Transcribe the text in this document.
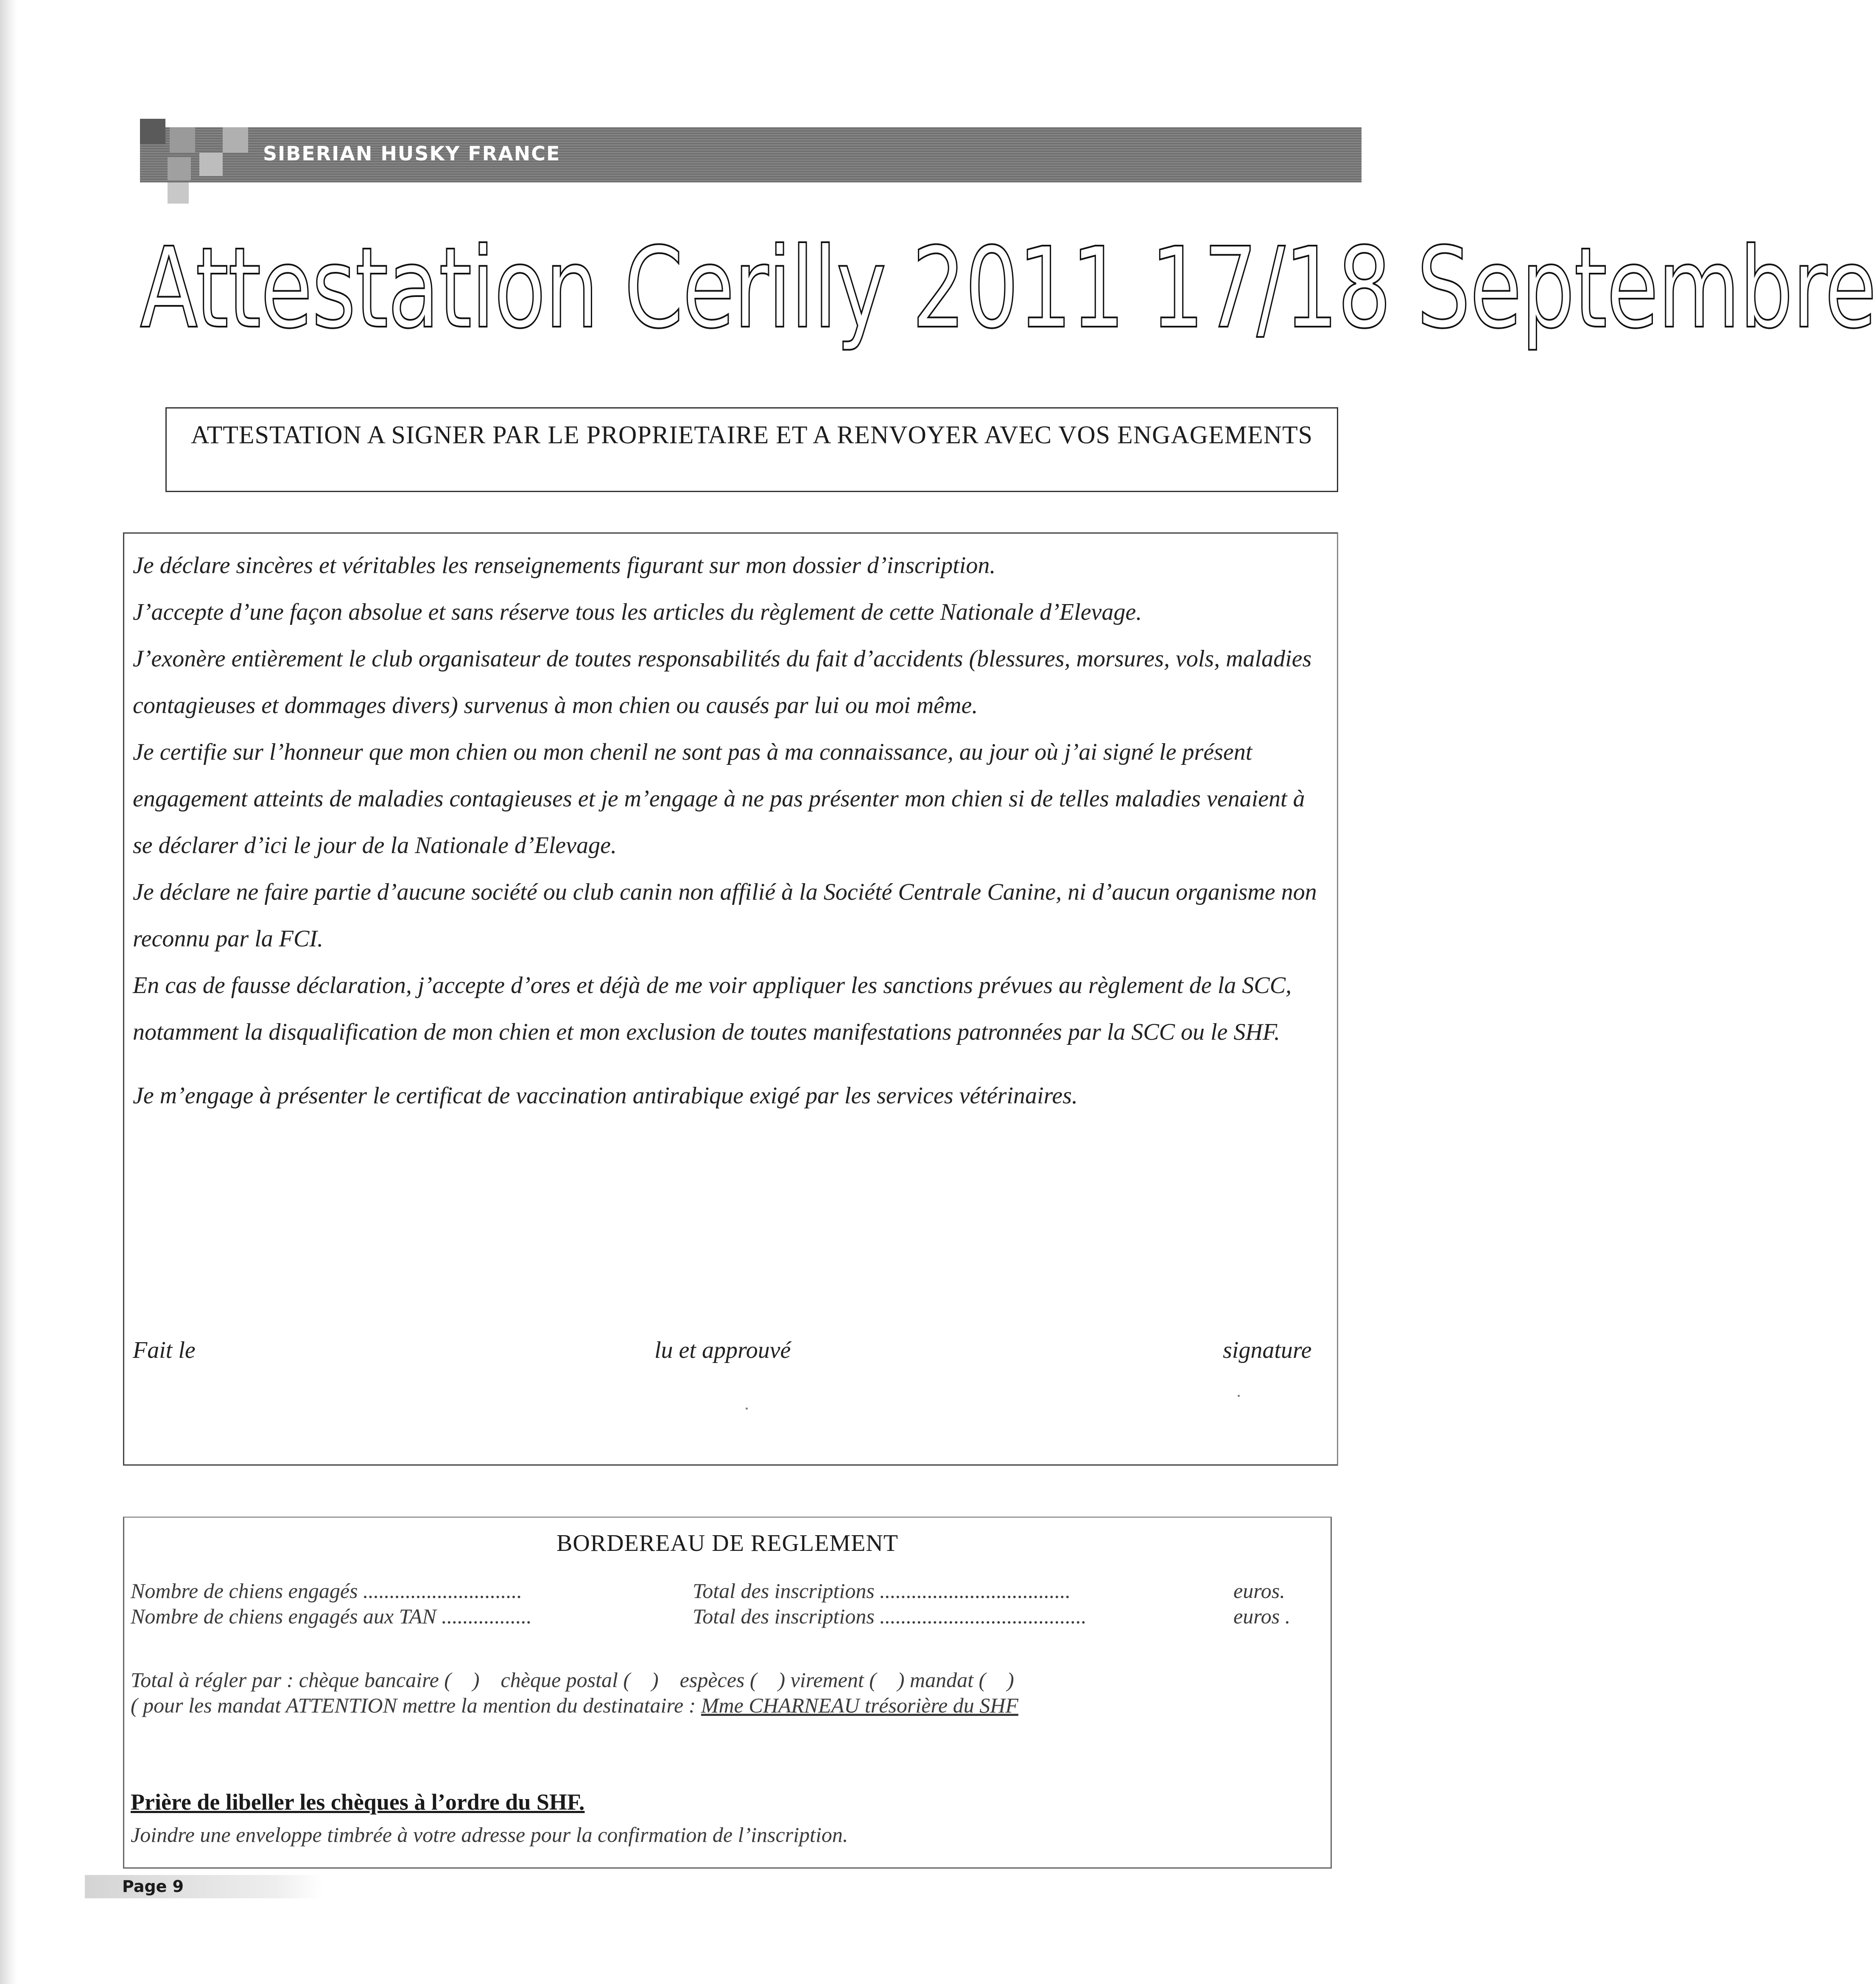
SIBERIAN HUSKY FRANCE
Attestation Cerilly 2011 17/18 Septembre
ATTESTATION A SIGNER PAR LE PROPRIETAIRE ET A RENVOYER AVEC VOS ENGAGEMENTS

Je déclare sincères et véritables les renseignements figurant sur mon dossier d’inscription.

J’accepte d’une façon absolue et sans réserve tous les articles du règlement de cette Nationale d’Elevage.

J’exonère entièrement le club organisateur de toutes responsabilités du fait d’accidents (blessures, morsures, vols, maladies contagieuses et dommages divers) survenus à mon chien ou causés par lui ou moi même.

Je certifie sur l’honneur que mon chien ou mon chenil ne sont pas à ma connaissance, au jour où j’ai signé le présent engagement atteints de maladies contagieuses et je m’engage à ne pas présenter mon chien si de telles maladies venaient à se déclarer d’ici le jour de la Nationale d’Elevage.

Je déclare ne faire partie d’aucune société ou club canin non affilié à la Société Centrale Canine, ni d’aucun organisme non reconnu par la FCI.

En cas de fausse déclaration, j’accepte d’ores et déjà de me voir appliquer les sanctions prévues au règlement de la SCC, notamment la disqualification de mon chien et mon exclusion de toutes manifestations patronnées par la SCC ou le SHF.

Je m’engage à présenter le certificat de vaccination antirabique exigé par les services vétérinaires.

Fait le	lu et approuvé	signature
BORDEREAU DE REGLEMENT
Nombre de chiens engagés ..............................	Total des inscriptions ....................................	euros.
Nombre de chiens engagés aux TAN .................	Total des inscriptions .......................................	euros .
Total à régler par : chèque bancaire (    )    chèque postal (    )    espèces (    ) virement (    ) mandat (    )
( pour les mandat ATTENTION mettre la mention du destinataire : Mme CHARNEAU trésorière du SHF
Prière de libeller les chèques à l’ordre du SHF.
Joindre une enveloppe timbrée à votre adresse pour la confirmation de l’inscription.
Page 9
